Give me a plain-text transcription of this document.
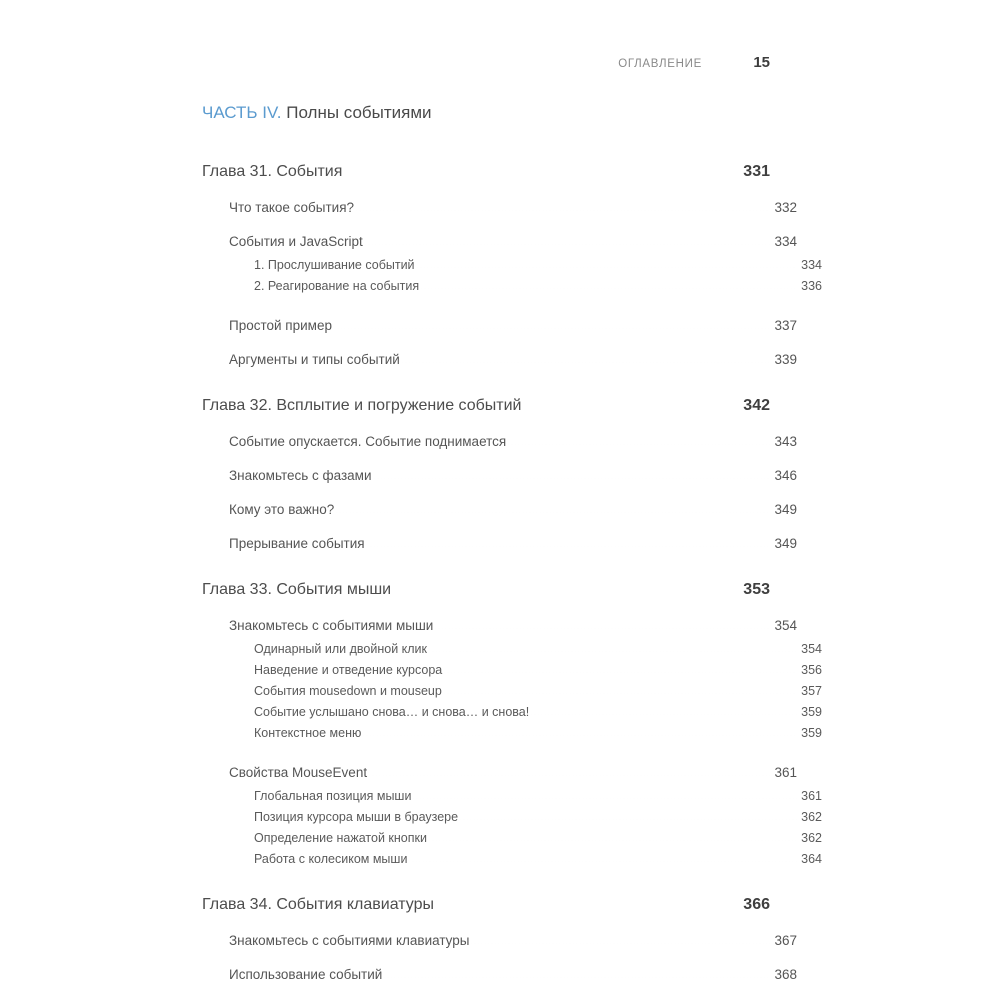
ОГЛАВЛЕНИЕ	15
ЧАСТЬ IV. Полны событиями
Глава 31. События	331
Что такое события?	332
События и JavaScript	334
1. Прослушивание событий	334
2. Реагирование на события	336
Простой пример	337
Аргументы и типы событий	339
Глава 32. Всплытие и погружение событий	342
Событие опускается. Событие поднимается	343
Знакомьтесь с фазами	346
Кому это важно?	349
Прерывание события	349
Глава 33. События мыши	353
Знакомьтесь с событиями мыши	354
Одинарный или двойной клик	354
Наведение и отведение курсора	356
События mousedown и mouseup	357
Событие услышано снова… и снова… и снова!	359
Контекстное меню	359
Свойства MouseEvent	361
Глобальная позиция мыши	361
Позиция курсора мыши в браузере	362
Определение нажатой кнопки	362
Работа с колесиком мыши	364
Глава 34. События клавиатуры	366
Знакомьтесь с событиями клавиатуры	367
Использование событий	368
